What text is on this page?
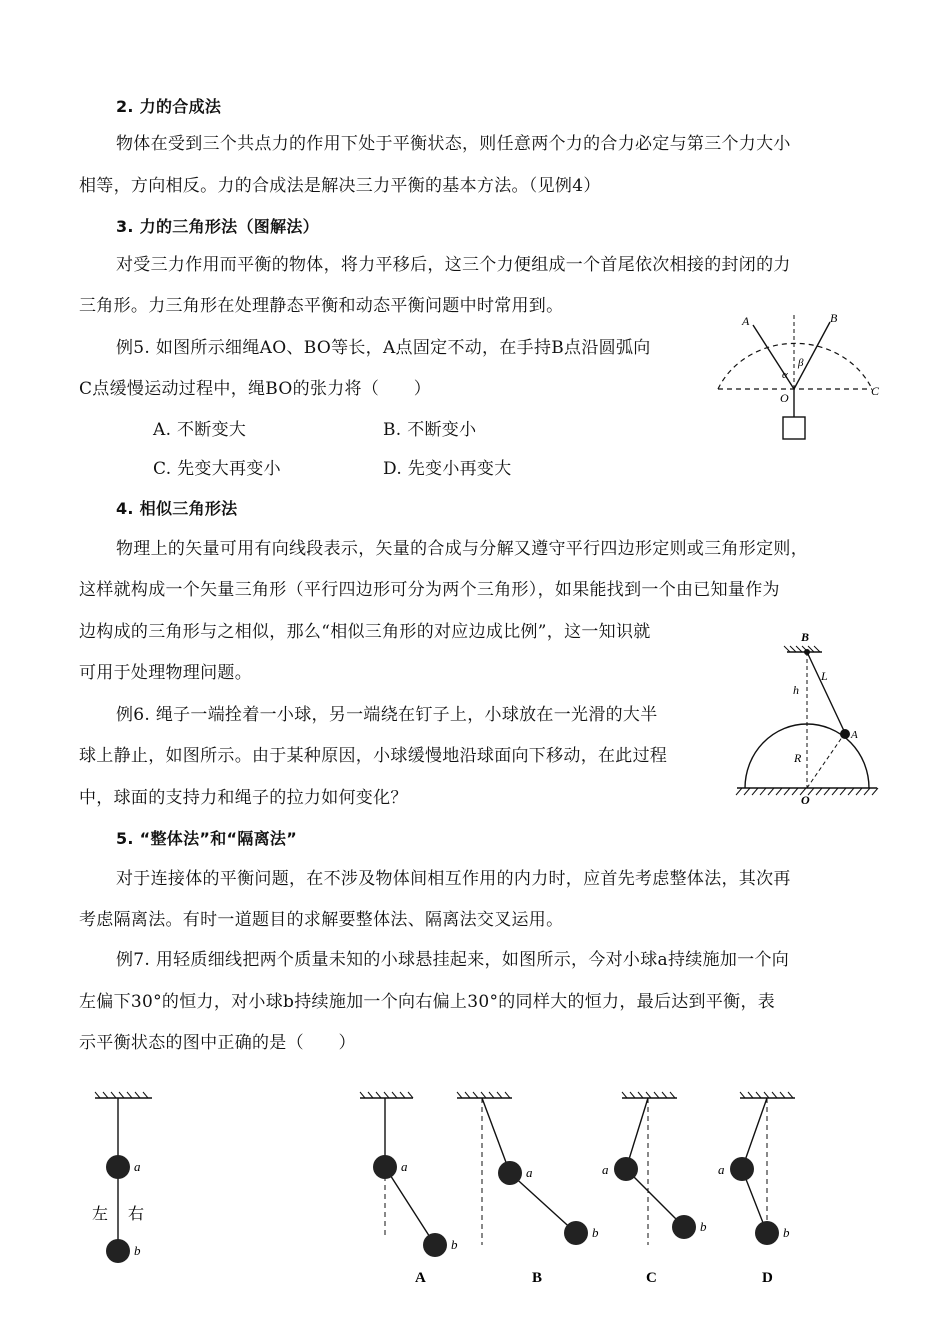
2. 力的合成法
物体在受到三个共点力的作用下处于平衡状态，则任意两个力的合力必定与第三个力大小
相等，方向相反。力的合成法是解决三力平衡的基本方法。（见例4）
3. 力的三角形法（图解法）
对受三力作用而平衡的物体，将力平移后，这三个力便组成一个首尾依次相接的封闭的力
三角形。力三角形在处理静态平衡和动态平衡问题中时常用到。
例5. 如图所示细绳AO、BO等长，A点固定不动，在手持B点沿圆弧向
C点缓慢运动过程中，绳BO的张力将（　　）
A. 不断变大	B. 不断变小
C. 先变大再变小	D. 先变小再变大
A	B
C
O
α
β
4. 相似三角形法
物理上的矢量可用有向线段表示，矢量的合成与分解又遵守平行四边形定则或三角形定则，
这样就构成一个矢量三角形（平行四边形可分为两个三角形），如果能找到一个由已知量作为
边构成的三角形与之相似，那么“相似三角形的对应边成比例”，这一知识就
可用于处理物理问题。
例6. 绳子一端拴着一小球，另一端绕在钉子上，小球放在一光滑的大半
球上静止，如图所示。由于某种原因，小球缓慢地沿球面向下移动，在此过程
中，球面的支持力和绳子的拉力如何变化？
B
L
h
A
R
O
5. “整体法”和“隔离法”
对于连接体的平衡问题，在不涉及物体间相互作用的内力时，应首先考虑整体法，其次再
考虑隔离法。有时一道题目的求解要整体法、隔离法交叉运用。
例7. 用轻质细线把两个质量未知的小球悬挂起来，如图所示，今对小球a持续施加一个向
左偏下30°的恒力，对小球b持续施加一个向右偏上30°的同样大的恒力，最后达到平衡，表
示平衡状态的图中正确的是（　　）
a
b
左 右
a
b
A
a
b
B
a
b
C
a
b
D
